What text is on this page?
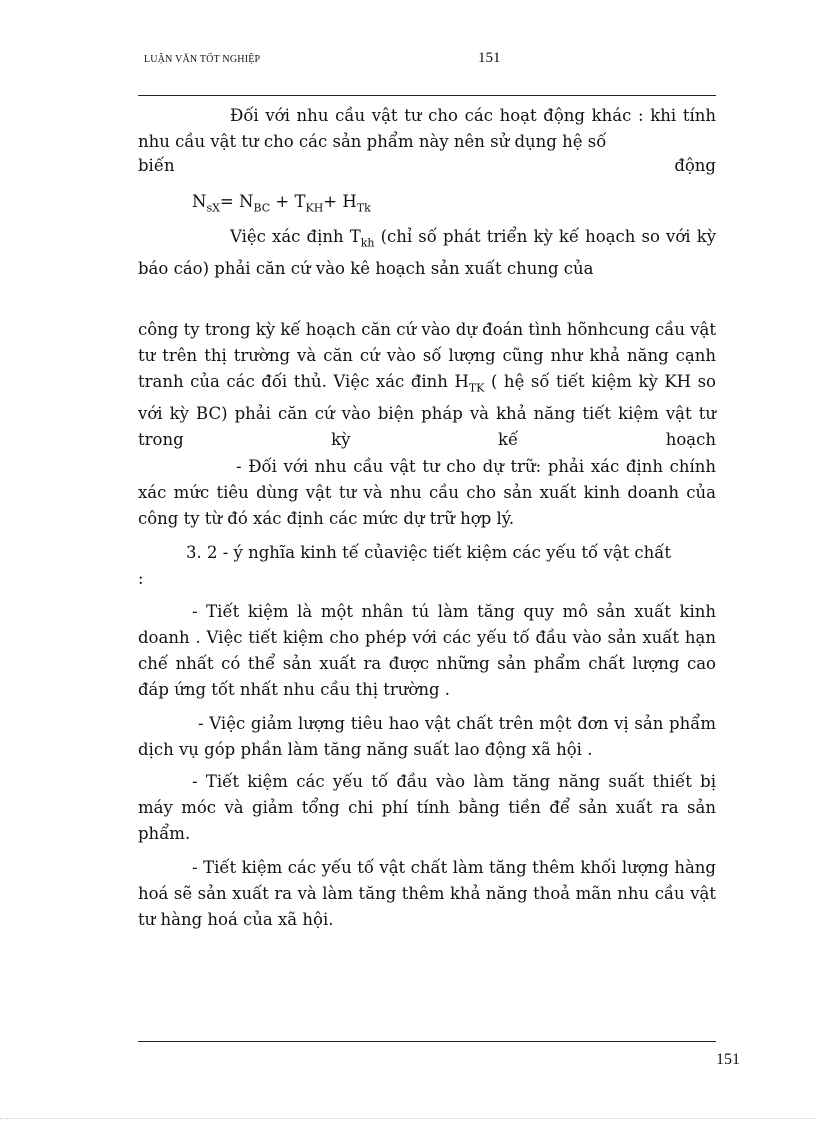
LUẬN VĂN TỐT NGHIỆP	151

Đối với nhu cầu vật tư cho các hoạt động khác : khi tính nhu cầu vật tư cho các sản phẩm này nên sử dụng hệ số

biến	động
$N_{sX}= N_{BC} + T_{KH}+ H_{Tk}$

Việc xác định $T_{kh}$ (chỉ số phát triển kỳ kế hoạch so với kỳ báo cáo) phải căn cứ vào kê hoạch sản xuất chung của

công ty trong kỳ kế hoạch căn cứ vào dự đoán tình hõnhcung cầu vật tư trên thị trường và căn cứ vào số lượng cũng như khả năng cạnh tranh của các đối thủ. Việc xác đinh $H_{TK}$ ( hệ số tiết kiệm kỳ KH so với kỳ BC) phải căn cứ vào biện pháp và khả năng tiết kiệm vật tư trong kỳ kế hoạch

- Đối với nhu cầu vật tư cho dự trữ: phải xác định chính xác mức tiêu dùng vật tư và nhu cầu cho sản xuất kinh doanh của công ty từ đó xác định các mức dự trữ hợp lý.

3. 2 - ý nghĩa kinh tế củaviệc tiết kiệm các yếu tố vật chất

:

- Tiết kiệm là một nhân tú làm tăng quy mô sản xuất kinh doanh . Việc tiết kiệm cho phép với các yếu tố đầu vào sản xuất hạn chế nhất có thể sản xuất ra được những sản phẩm chất lượng cao đáp ứng tốt nhất nhu cầu thị trường .

- Việc giảm lượng tiêu hao vật chất trên một đơn vị sản phẩm dịch vụ góp phần làm tăng năng suất lao động xã hội .

- Tiết kiệm các yếu tố đầu vào làm tăng năng suất thiết bị máy móc và giảm tổng chi phí tính bằng tiền để sản xuất ra sản phẩm.

- Tiết kiệm các yếu tố vật chất làm tăng thêm khối lượng hàng hoá sẽ sản xuất ra và làm tăng thêm khả năng thoả mãn nhu cầu vật tư hàng hoá của xã hội.

151
